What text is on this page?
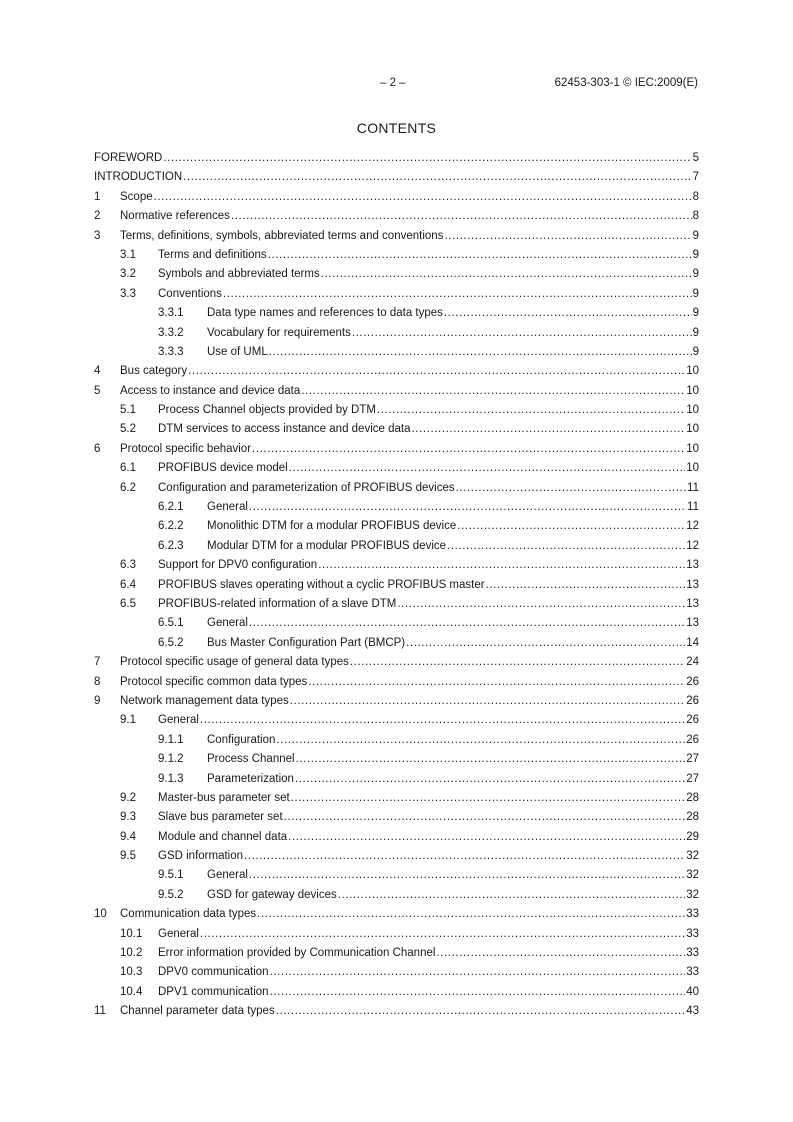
– 2 –	62453-303-1 © IEC:2009(E)
CONTENTS
FOREWORD .....	5
INTRODUCTION .....	7
1	Scope .....	8
2	Normative references .....	8
3	Terms, definitions, symbols, abbreviated terms and conventions .....	9
3.1	Terms and definitions .....	9
3.2	Symbols and abbreviated terms .....	9
3.3	Conventions .....	9
3.3.1	Data type names and references to data types .....	9
3.3.2	Vocabulary for requirements .....	9
3.3.3	Use of UML .....	9
4	Bus category .....	10
5	Access to instance and device data .....	10
5.1	Process Channel objects provided by DTM .....	10
5.2	DTM services to access instance and device data .....	10
6	Protocol specific behavior .....	10
6.1	PROFIBUS device model .....	10
6.2	Configuration and parameterization of PROFIBUS devices .....	11
6.2.1	General .....	11
6.2.2	Monolithic DTM for a modular PROFIBUS device .....	12
6.2.3	Modular DTM for a modular PROFIBUS device .....	12
6.3	Support for DPV0 configuration .....	13
6.4	PROFIBUS slaves operating without a cyclic PROFIBUS master .....	13
6.5	PROFIBUS-related information of a slave DTM .....	13
6.5.1	General .....	13
6.5.2	Bus Master Configuration Part (BMCP) .....	14
7	Protocol specific usage of general data types .....	24
8	Protocol specific common data types .....	26
9	Network management data types .....	26
9.1	General .....	26
9.1.1	Configuration .....	26
9.1.2	Process Channel .....	27
9.1.3	Parameterization .....	27
9.2	Master-bus parameter set .....	28
9.3	Slave bus parameter set .....	28
9.4	Module and channel data .....	29
9.5	GSD information .....	32
9.5.1	General .....	32
9.5.2	GSD for gateway devices .....	32
10	Communication data types .....	33
10.1	General .....	33
10.2	Error information provided by Communication Channel .....	33
10.3	DPV0 communication .....	33
10.4	DPV1 communication .....	40
11	Channel parameter data types .....	43
